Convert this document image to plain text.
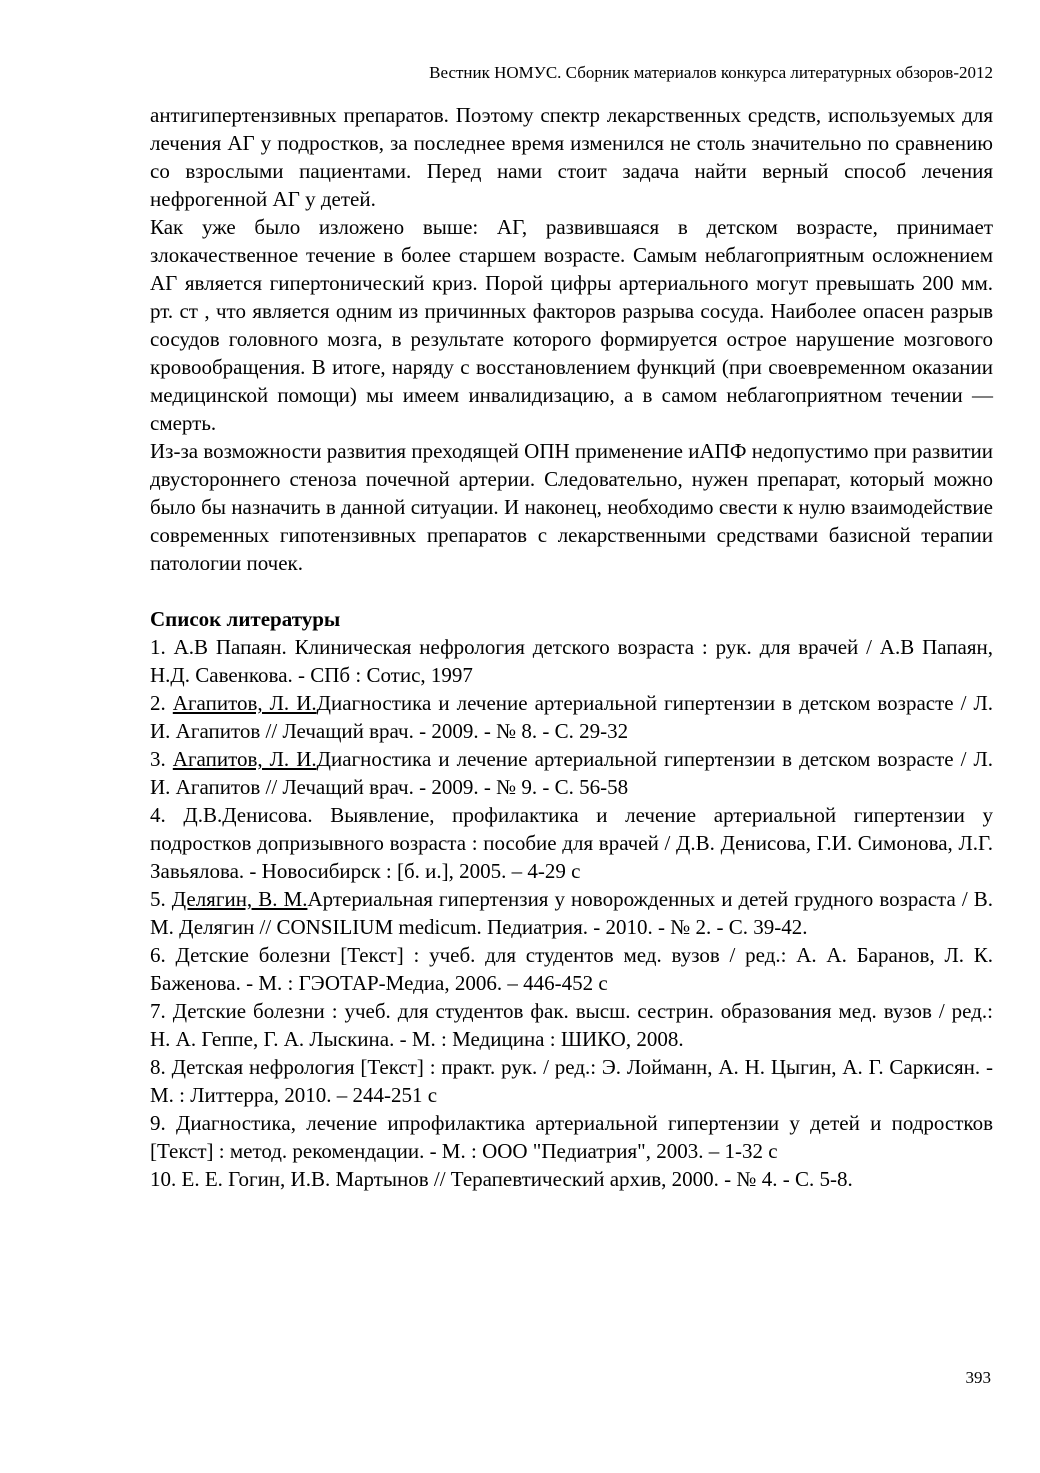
Вестник НОМУС. Сборник материалов конкурса литературных обзоров-2012

антигипертензивных препаратов. Поэтому спектр лекарственных средств, используемых для лечения АГ у подростков, за последнее время изменился не столь значительно по сравнению со взрослыми пациентами. Перед нами стоит задача найти верный способ лечения нефрогенной АГ у детей.

Как уже было изложено выше: АГ, развившаяся в детском возрасте, принимает злокачественное течение в более старшем возрасте. Самым неблагоприятным осложнением АГ является гипертонический криз. Порой цифры артериального могут превышать 200 мм. рт. ст , что является одним из причинных факторов разрыва сосуда. Наиболее опасен разрыв сосудов головного мозга, в результате которого формируется острое нарушение мозгового кровообращения. В итоге, наряду с восстановлением функций (при своевременном оказании медицинской помощи) мы имеем инвалидизацию, а в самом неблагоприятном течении — смерть.

Из-за возможности развития преходящей ОПН применение иАПФ недопустимо при развитии двустороннего стеноза почечной артерии. Следовательно, нужен препарат, который можно было бы назначить в данной ситуации. И наконец, необходимо свести к нулю взаимодействие современных гипотензивных препаратов с лекарственными средствами базисной терапии патологии почек.

Список литературы

1. А.В Папаян. Клиническая нефрология детского возраста : рук. для врачей / А.В Папаян, Н.Д. Савенкова. - СПб : Сотис, 1997

2. Агапитов, Л. И.Диагностика и лечение артериальной гипертензии в детском возрасте / Л. И. Агапитов // Лечащий врач. - 2009. - № 8. - С. 29-32

3. Агапитов, Л. И.Диагностика и лечение артериальной гипертензии в детском возрасте / Л. И. Агапитов // Лечащий врач. - 2009. - № 9. - С. 56-58

4. Д.В.Денисова. Выявление, профилактика и лечение артериальной гипертензии у подростков допризывного возраста : пособие для врачей / Д.В. Денисова, Г.И. Симонова, Л.Г. Завьялова. - Новосибирск : [б. и.], 2005. – 4-29 с

5. Делягин, В. М.Артериальная гипертензия у новорожденных и детей грудного возраста / В. М. Делягин // CONSILIUM medicum. Педиатрия. - 2010. - № 2. - С. 39-42.

6. Детские болезни [Текст] : учеб. для студентов мед. вузов / ред.: А. А. Баранов, Л. К. Баженова. - М. : ГЭОТАР-Медиа, 2006. – 446-452 с

7. Детские болезни : учеб. для студентов фак. высш. сестрин. образования мед. вузов / ред.: Н. А. Геппе, Г. А. Лыскина. - М. : Медицина : ШИКО, 2008.

8. Детская нефрология [Текст] : практ. рук. / ред.: Э. Лойманн, А. Н. Цыгин, А. Г. Саркисян. - М. : Литтерра, 2010. – 244-251 с

9. Диагностика, лечение ипрофилактика артериальной гипертензии у детей и подростков [Текст] : метод. рекомендации. - М. : ООО "Педиатрия", 2003. – 1-32 с

10. Е. Е. Гогин, И.В. Мартынов // Терапевтический архив, 2000. - № 4. - С. 5-8.

393
